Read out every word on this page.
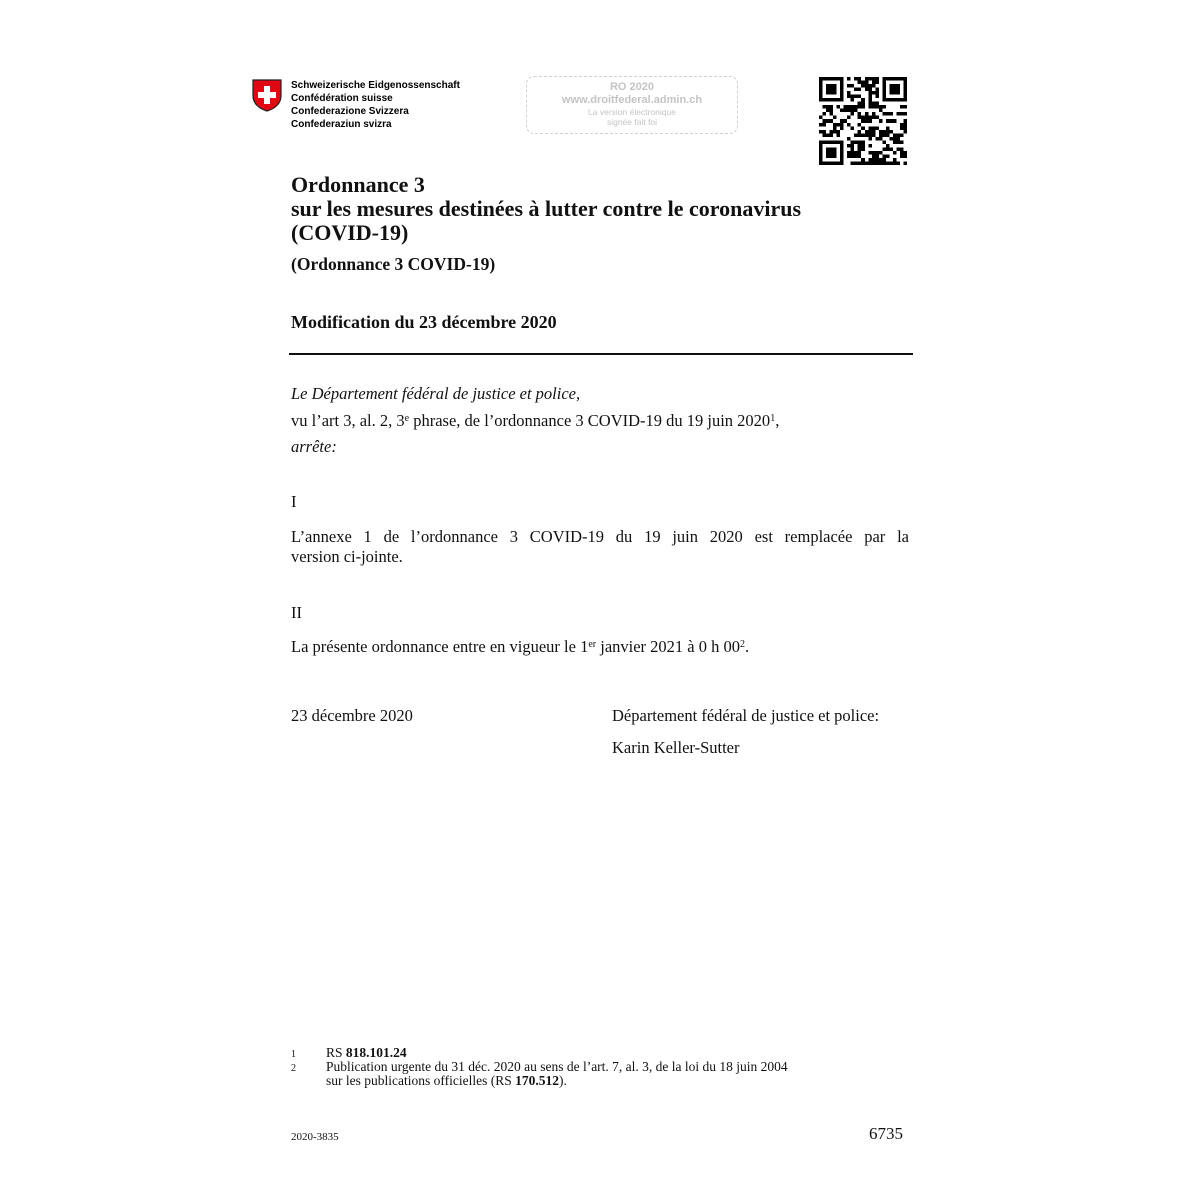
Schweizerische Eidgenossenschaft
Confédération suisse
Confederazione Svizzera
Confederaziun svizra
RO 2020
www.droitfederal.admin.ch
La version électronique
signée fait foi
Ordonnance 3
sur les mesures destinées à lutter contre le coronavirus
(COVID-19)
(Ordonnance 3 COVID-19)
Modification du 23 décembre 2020
Le Département fédéral de justice et police,
vu l’art 3, al. 2, 3e phrase, de l’ordonnance 3 COVID-19 du 19 juin 2020$^1$,
arrête:
I
L’annexe 1 de l’ordonnance 3 COVID-19 du 19 juin 2020 est remplacée par la
version ci-jointe.
II
La présente ordonnance entre en vigueur le 1er janvier 2021 à 0 h $00^2$.
23 décembre 2020	Département fédéral de justice et police:
Karin Keller-Sutter
1 RS 818.101.24
2 Publication urgente du 31 déc. 2020 au sens de l’art. 7, al. 3, de la loi du 18 juin 2004
sur les publications officielles (RS 170.512).
2020-3835	6735
